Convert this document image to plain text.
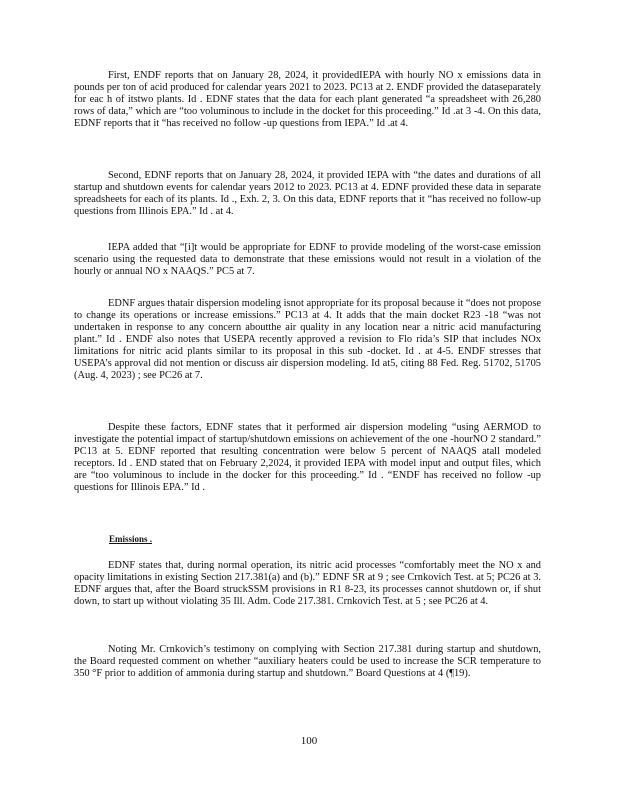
First, ENDF reports that on January 28, 2024, it providedIEPA with hourly NO x emissions data in pounds per ton of acid produced for calendar years 2021 to 2023. PC13 at 2. ENDF provided the dataseparately for eac h of itstwo plants. Id . EDNF states that the data for each plant generated “a spreadsheet with 26,280 rows of data,” which are “too voluminous to include in the docket for this proceeding.” Id .at 3 -4. On this data, EDNF reports that it “has received no follow -up questions from IEPA.” Id .at 4.

Second, EDNF reports that on January 28, 2024, it provided IEPA with “the dates and durations of all startup and shutdown events for calendar years 2012 to 2023. PC13 at 4. EDNF provided these data in separate spreadsheets for each of its plants. Id ., Exh. 2, 3. On this data, EDNF reports that it “has received no follow-up questions from Illinois EPA.” Id . at 4.

IEPA added that “[i]t would be appropriate for EDNF to provide modeling of the worst-case emission scenario using the requested data to demonstrate that these emissions would not result in a violation of the hourly or annual NO x NAAQS.” PC5 at 7.

EDNF argues thatair dispersion modeling isnot appropriate for its proposal because it “does not propose to change its operations or increase emissions.” PC13 at 4. It adds that the main docket R23 -18 “was not undertaken in response to any concern aboutthe air quality in any location near a nitric acid manufacturing plant.” Id . ENDF also notes that USEPA recently approved a revision to Flo rida’s SIP that includes NOx limitations for nitric acid plants similar to its proposal in this sub -docket. Id . at 4-5. ENDF stresses that USEPA’s approval did not mention or discuss air dispersion modeling. Id at5, citing 88 Fed. Reg. 51702, 51705 (Aug. 4, 2023) ; see PC26 at 7.

Despite these factors, EDNF states that it performed air dispersion modeling “using AERMOD to investigate the potential impact of startup/shutdown emissions on achievement of the one -hourNO 2 standard.” PC13 at 5. EDNF reported that resulting concentration were below 5 percent of NAAQS atall modeled receptors. Id . END stated that on February 2,2024, it provided IEPA with model input and output files, which are “too voluminous to include in the docker for this proceeding.” Id . “ENDF has received no follow -up questions for Illinois EPA.” Id .

Emissions .

EDNF states that, during normal operation, its nitric acid processes “comfortably meet the NO x and opacity limitations in existing Section 217.381(a) and (b).” EDNF SR at 9 ; see Crnkovich Test. at 5; PC26 at 3. EDNF argues that, after the Board struckSSM provisions in R1 8-23, its processes cannot shutdown or, if shut down, to start up without violating 35 Ill. Adm. Code 217.381. Crnkovich Test. at 5 ; see PC26 at 4.

Noting Mr. Crnkovich’s testimony on complying with Section 217.381 during startup and shutdown, the Board requested comment on whether “auxiliary heaters could be used to increase the SCR temperature to 350 °F prior to addition of ammonia during startup and shutdown.” Board Questions at 4 (¶19).

100
